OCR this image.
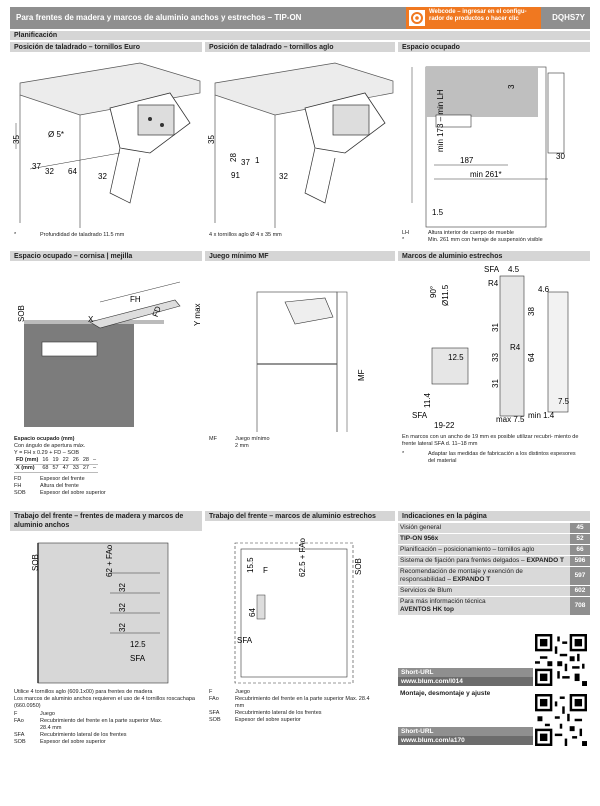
Para frentes de madera y marcos de aluminio anchos y estrechos – TIP-ON
Webcode – ingresar en el configu- rador de productos o hacer clic	DQHS7Y
Planificación
Posición de taladrado – tornillos Euro
35
Ø 5*
37
32 64
32
*	Profundidad de taladrado 11.5 mm
Posición de taladrado – tornillos aglo
35
28
37
91
1
32
4 x tornillos aglo Ø 4 x 35 mm
Espacio ocupado
min 173 – min LH
3
187
min 261*
30
1.5
LH	Altura interior de cuerpo de mueble
*	Min. 261 mm con herraje de suspensión visible
Espacio ocupado – cornisa | mejilla
SOB
FH
FD	Y max
X
Espacio ocupado (mm)
Con ángulo de apertura máx.
Y = FH x 0.29 + FD – SOB
FD (mm)	16	19	22	26	28	–
X (mm)	68	57	47	33	27	–
FD	Espesor del frente
FH	Altura del frente
SOB	Espesor del sobre superior
Juego mínimo MF
MF
MF	Juego mínimo
2 mm
Marcos de aluminio estrechos
SFA 4.5
R4
90° Ø11.5
38
31
33
31
R4
64
4.6
12.5
11.4
SFA
19-22
max 7.5 min 1.4
7.5
En marcos con un ancho de 19 mm es posible utilizar recubri- miento de frente lateral SFA d. 11–18 mm
*	Adaptar las medidas de fabricación a los distintos espesores del material
Trabajo del frente – frentes de madera y marcos de aluminio anchos
SOB	62 + FAo
32
32
32
12.5
SFA
Utilice 4 tornillos aglo (609.1x00) para frentes de madera
Los marcos de aluminio anchos requieren el uso de 4 tornillos roscachapa (660.0950)
F	Juego
FAo	Recubrimiento del frente en la parte superior Max. 28.4 mm
SFA	Recubrimiento lateral de los frentes
SOB	Espesor del sobre superior
Trabajo del frente – marcos de aluminio estrechos
15.5 F	62.5 + FAo	SOB
64
SFA
F	Juego
FAo	Recubrimiento del frente en la parte superior Max. 28.4 mm
SFA	Recubrimiento lateral de los frentes
SOB	Espesor del sobre superior
Indicaciones en la página
Visión general	45
TIP-ON 956x	52
Planificación – posicionamiento – tornillos aglo	66
Sistema de fijación para frentes delgados – EXPANDO T	596
Recomendación de montaje y exención de responsabilidad – EXPANDO T
597
Servicios de Blum	602
Para más información técnica
AVENTOS HK top
708
Short-URL
www.blum.com/l014
Montaje, desmontaje y ajuste
Short-URL
www.blum.com/a170
